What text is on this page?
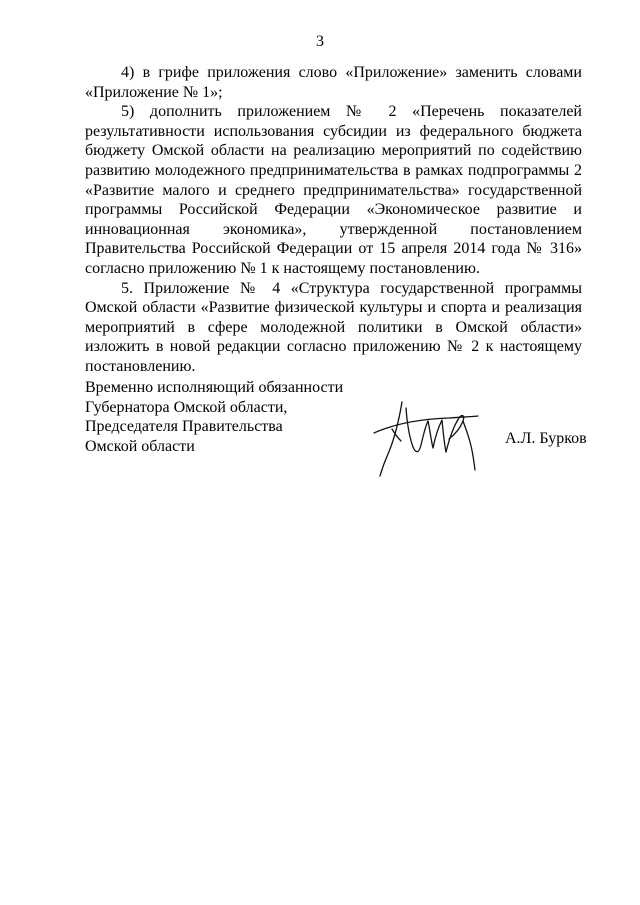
3

4) в грифе приложения слово «Приложение» заменить словами «Приложение № 1»;

5) дополнить приложением № 2 «Перечень показателей результативности использования субсидии из федерального бюджета бюджету Омской области на реализацию мероприятий по содействию развитию молодежного предпринимательства в рамках подпрограммы 2 «Развитие малого и среднего предпринимательства» государственной программы Российской Федерации «Экономическое развитие и инновационная экономика», утвержденной постановлением Правительства Российской Федерации от 15 апреля 2014 года № 316» согласно приложению № 1 к настоящему постановлению.

5. Приложение № 4 «Структура государственной программы Омской области «Развитие физической культуры и спорта и реализация мероприятий в сфере молодежной политики в Омской области» изложить в новой редакции согласно приложению № 2 к настоящему постановлению.

Временно исполняющий обязанности
Губернатора Омской области,
Председателя Правительства
Омской области	А.Л. Бурков
